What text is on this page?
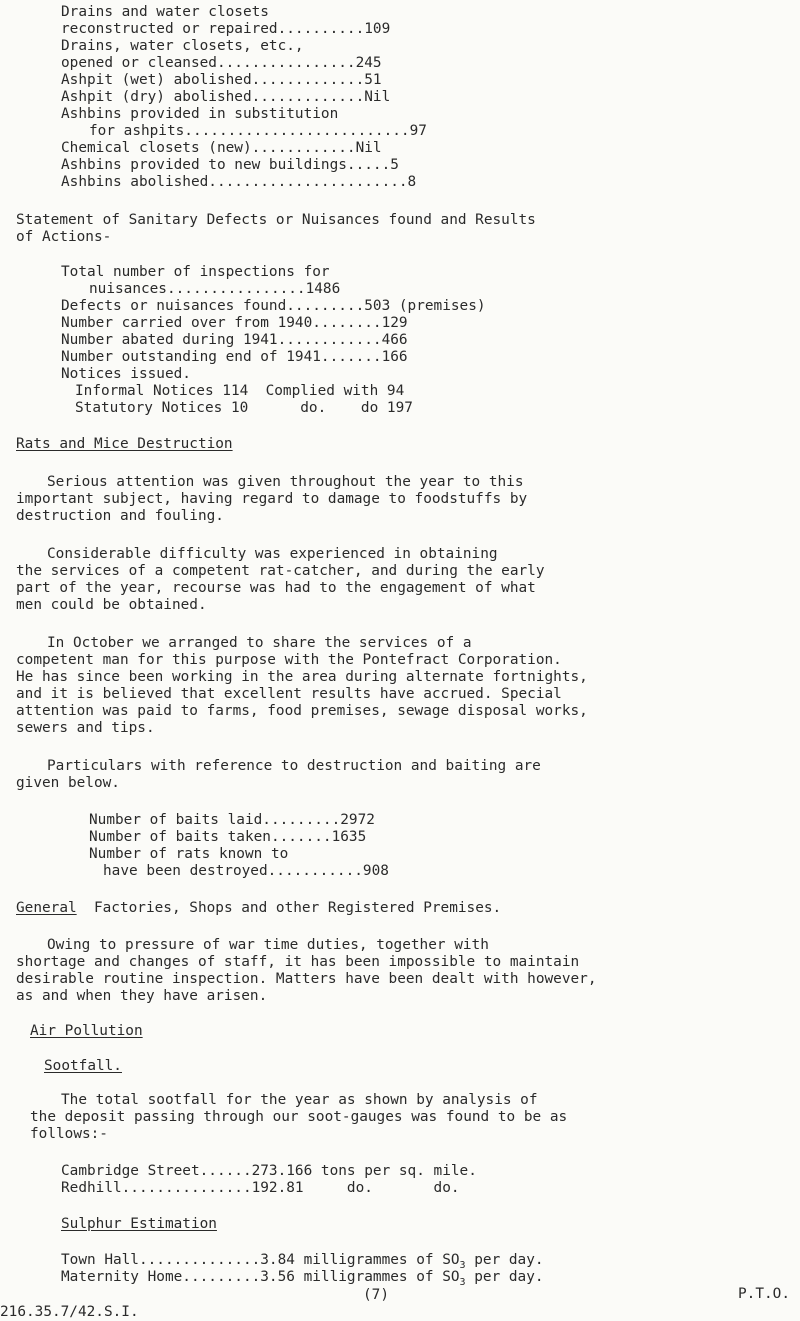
Drains and water closets
reconstructed or repaired..........109
Drains, water closets, etc.,
opened or cleansed................245
Ashpit (wet) abolished.............51
Ashpit (dry) abolished.............Nil
Ashbins provided in substitution
for ashpits..........................97
Chemical closets (new)............Nil
Ashbins provided to new buildings.....5
Ashbins abolished.......................8
Statement of Sanitary Defects or Nuisances found and Results
of Actions-
Total number of inspections for
nuisances................1486
Defects or nuisances found.........503 (premises)
Number carried over from 1940........129
Number abated during 1941............466
Number outstanding end of 1941.......166
Notices issued.
Informal Notices 114  Complied with 94
Statutory Notices 10      do.    do 197
Rats and Mice Destruction
Serious attention was given throughout the year to this
important subject, having regard to damage to foodstuffs by
destruction and fouling.
Considerable difficulty was experienced in obtaining
the services of a competent rat-catcher, and during the early
part of the year, recourse was had to the engagement of what
men could be obtained.
In October we arranged to share the services of a
competent man for this purpose with the Pontefract Corporation.
He has since been working in the area during alternate fortnights,
and it is believed that excellent results have accrued. Special
attention was paid to farms, food premises, sewage disposal works,
sewers and tips.
Particulars with reference to destruction and baiting are
given below.
Number of baits laid.........2972
Number of baits taken.......1635
Number of rats known to
have been destroyed...........908
General  Factories, Shops and other Registered Premises.
Owing to pressure of war time duties, together with
shortage and changes of staff, it has been impossible to maintain
desirable routine inspection. Matters have been dealt with however,
as and when they have arisen.
Air Pollution
Sootfall.
The total sootfall for the year as shown by analysis of
the deposit passing through our soot-gauges was found to be as
follows:-
Cambridge Street......273.166 tons per sq. mile.
Redhill...............192.81     do.       do.
Sulphur Estimation
Town Hall..............3.84 milligrammes of $SO_3$ per day.
Maternity Home.........3.56 milligrammes of $SO_3$ per day.
(7)
216.35.7/42.S.I.
P.T.O.
